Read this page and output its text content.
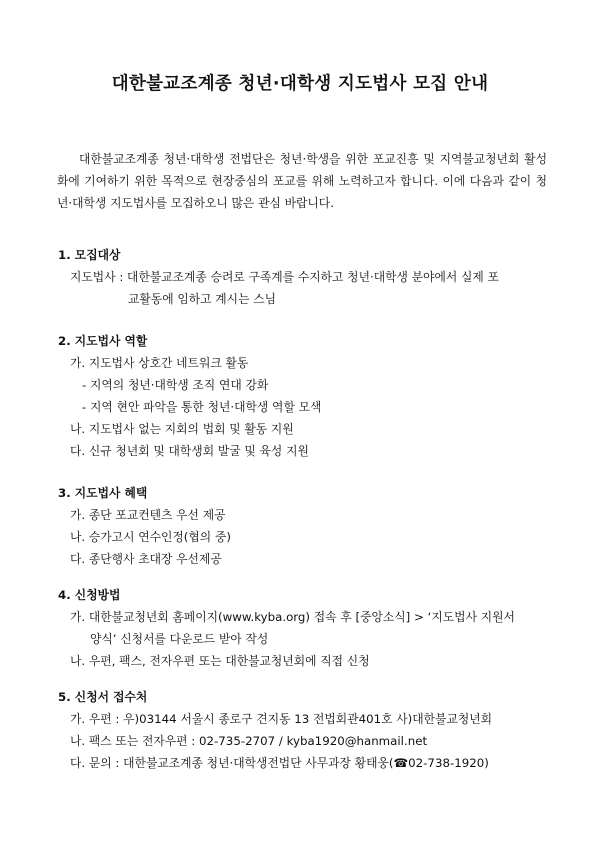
대한불교조계종 청년·대학생 지도법사 모집 안내

대한불교조계종 청년·대학생 전법단은 청년·학생을 위한 포교진흥 및 지역불교청년회 활성화에 기여하기 위한 목적으로 현장중심의 포교를 위해 노력하고자 합니다. 이에 다음과 같이 청년·대학생 지도법사를 모집하오니 많은 관심 바랍니다.

1. 모집대상

지도법사 : 대한불교조계종 승려로 구족계를 수지하고 청년·대학생 분야에서 실제 포

교활동에 임하고 계시는 스님

2. 지도법사 역할

가. 지도법사 상호간 네트워크 활동

- 지역의 청년·대학생 조직 연대 강화

- 지역 현안 파악을 통한 청년·대학생 역할 모색

나. 지도법사 없는 지회의 법회 및 활동 지원

다. 신규 청년회 및 대학생회 발굴 및 육성 지원

3. 지도법사 혜택

가. 종단 포교컨텐츠 우선 제공

나. 승가고시 연수인정(협의 중)

다. 종단행사 초대장 우선제공

4. 신청방법

가. 대한불교청년회 홈페이지(www.kyba.org) 접속 후 [중앙소식] > ‘지도법사 지원서

양식’ 신청서를 다운로드 받아 작성

나. 우편, 팩스, 전자우편 또는 대한불교청년회에 직접 신청

5. 신청서 접수처

가. 우편 : 우)03144 서울시 종로구 견지동 13 전법회관401호 사)대한불교청년회

나. 팩스 또는 전자우편 : 02-735-2707 / kyba1920@hanmail.net

다. 문의 : 대한불교조계종 청년·대학생전법단 사무과장 황태웅(☎02-738-1920)
